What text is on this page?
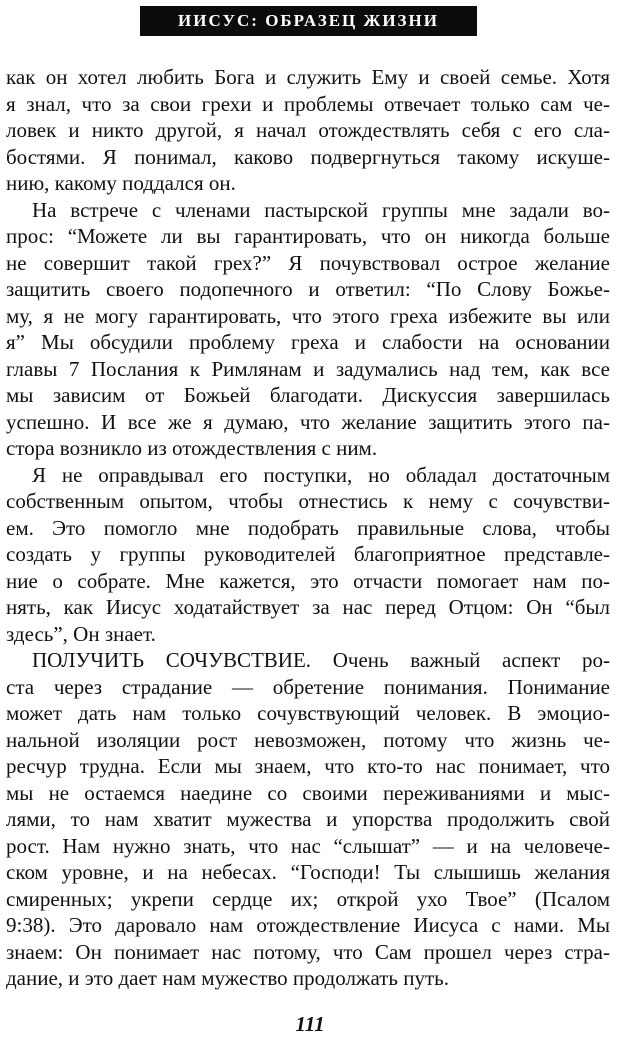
ИИСУС: ОБРАЗЕЦ ЖИЗНИ
как он хотел любить Бога и служить Ему и своей семье. Хотя
я знал, что за свои грехи и проблемы отвечает только сам че-
ловек и никто другой, я начал отождествлять себя с его сла-
бостями. Я понимал, каково подвергнуться такому искуше-
нию, какому поддался он.
На встрече с членами пастырской группы мне задали во-
прос: “Можете ли вы гарантировать, что он никогда больше
не совершит такой грех?” Я почувствовал острое желание
защитить своего подопечного и ответил: “По Слову Божье-
му, я не могу гарантировать, что этого греха избежите вы или
я” Мы обсудили проблему греха и слабости на основании
главы 7 Послания к Римлянам и задумались над тем, как все
мы зависим от Божьей благодати. Дискуссия завершилась
успешно. И все же я думаю, что желание защитить этого па-
стора возникло из отождествления с ним.
Я не оправдывал его поступки, но обладал достаточным
собственным опытом, чтобы отнестись к нему с сочувстви-
ем. Это помогло мне подобрать правильные слова, чтобы
создать у группы руководителей благоприятное представле-
ние о собрате. Мне кажется, это отчасти помогает нам по-
нять, как Иисус ходатайствует за нас перед Отцом: Он “был
здесь”, Он знает.
ПОЛУЧИТЬ СОЧУВСТВИЕ. Очень важный аспект ро-
ста через страдание — обретение понимания. Понимание
может дать нам только сочувствующий человек. В эмоцио-
нальной изоляции рост невозможен, потому что жизнь че-
ресчур трудна. Если мы знаем, что кто-то нас понимает, что
мы не остаемся наедине со своими переживаниями и мыс-
лями, то нам хватит мужества и упорства продолжить свой
рост. Нам нужно знать, что нас “слышат” — и на человече-
ском уровне, и на небесах. “Господи! Ты слышишь желания
смиренных; укрепи сердце их; открой ухо Твое” (Псалом
9:38). Это даровало нам отождествление Иисуса с нами. Мы
знаем: Он понимает нас потому, что Сам прошел через стра-
дание, и это дает нам мужество продолжать путь.
111
